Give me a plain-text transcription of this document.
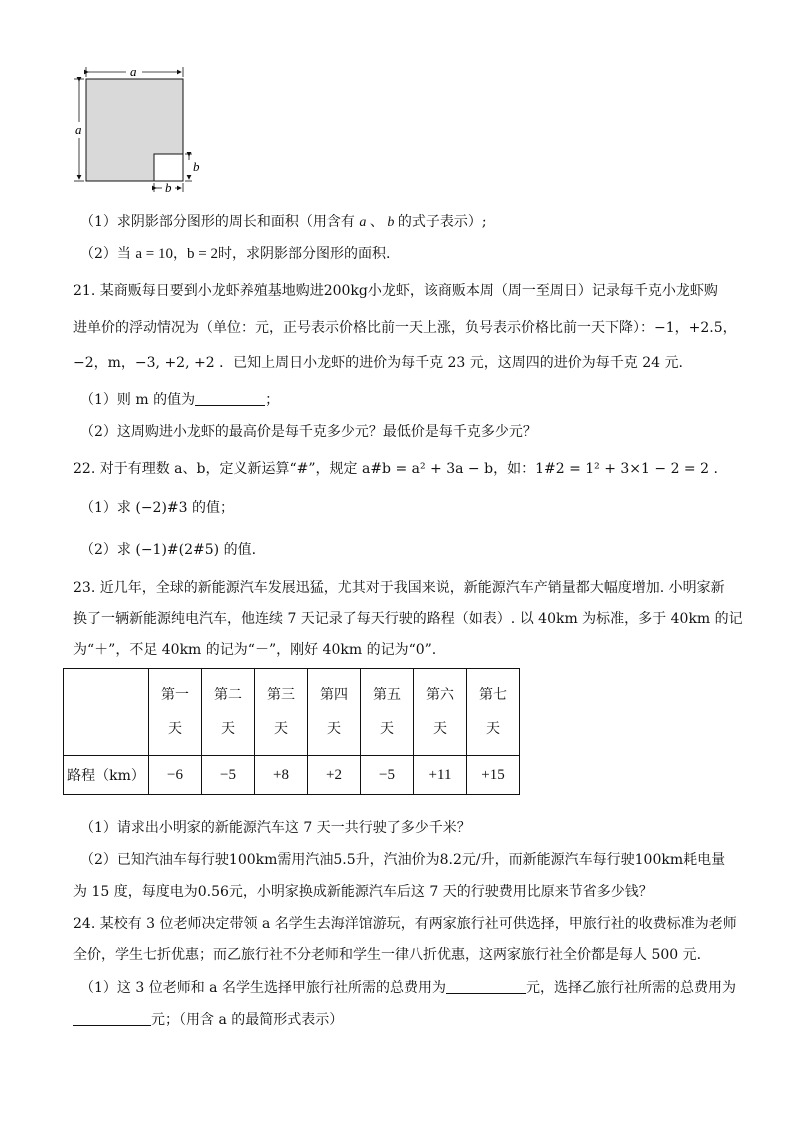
a
a
b
b
（1）求阴影部分图形的周长和面积（用含有 a 、 b 的式子表示）;
（2）当 a = 10，b = 2时，求阴影部分图形的面积.
21. 某商贩每日要到小龙虾养殖基地购进200kg小龙虾，该商贩本周（周一至周日）记录每千克小龙虾购
进单价的浮动情况为（单位：元，正号表示价格比前一天上涨，负号表示价格比前一天下降）：−1，+2.5，
−2，m，−3, +2, +2 ．已知上周日小龙虾的进价为每千克 23 元，这周四的进价为每千克 24 元.
（1）则 m 的值为	；
（2）这周购进小龙虾的最高价是每千克多少元？最低价是每千克多少元？
22. 对于有理数 a、b，定义新运算“#”，规定 a#b = a² + 3a − b，如：1#2 = 1² + 3×1 − 2 = 2 .
（1）求 (−2)#3 的值；
（2）求 (−1)#(2#5) 的值.
23. 近几年，全球的新能源汽车发展迅猛，尤其对于我国来说，新能源汽车产销量都大幅度增加. 小明家新
换了一辆新能源纯电汽车，他连续 7 天记录了每天行驶的路程（如表）. 以 40km 为标准，多于 40km 的记
为“＋”，不足 40km 的记为“－”，刚好 40km 的记为“0”.

	第一
天	第二
天	第三
天	第四
天	第五
天	第六
天	第七
天

路程（km）	−6	−5	+8	+2	−5	+11	+15
（1）请求出小明家的新能源汽车这 7 天一共行驶了多少千米？
（2）已知汽油车每行驶100km需用汽油5.5升，汽油价为8.2元/升，而新能源汽车每行驶100km耗电量
为 15 度，每度电为0.56元，小明家换成新能源汽车后这 7 天的行驶费用比原来节省多少钱？
24. 某校有 3 位老师决定带领 a 名学生去海洋馆游玩，有两家旅行社可供选择，甲旅行社的收费标准为老师
全价，学生七折优惠；而乙旅行社不分老师和学生一律八折优惠，这两家旅行社全价都是每人 500 元.
（1）这 3 位老师和 a 名学生选择甲旅行社所需的总费用为	元，选择乙旅行社所需的总费用为
元；（用含 a 的最简形式表示）
